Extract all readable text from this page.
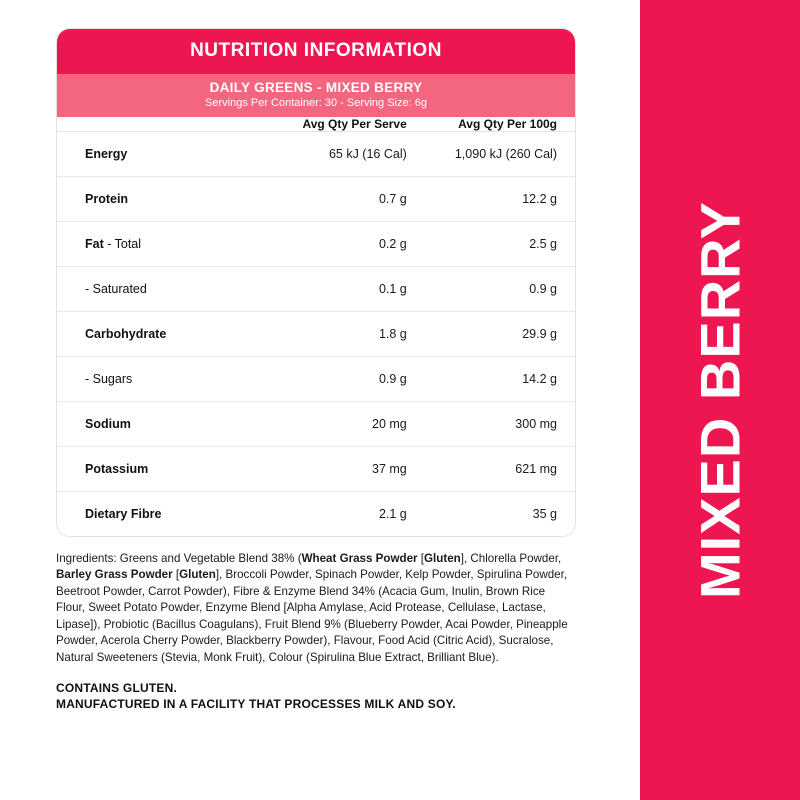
MIXED BERRY
NUTRITION INFORMATION
DAILY GREENS - MIXED BERRY
Servings Per Container: 30 - Serving Size: 6g
	Avg Qty Per Serve	Avg Qty Per 100g
Energy	65 kJ (16 Cal)	1,090 kJ (260 Cal)
Protein	0.7 g	12.2 g
Fat - Total	0.2 g	2.5 g
- Saturated	0.1 g	0.9 g
Carbohydrate	1.8 g	29.9 g
- Sugars	0.9 g	14.2 g
Sodium	20 mg	300 mg
Potassium	37 mg	621 mg
Dietary Fibre	2.1 g	35 g
Ingredients: Greens and Vegetable Blend 38% (Wheat Grass Powder [Gluten], Chlorella Powder, Barley Grass Powder [Gluten], Broccoli Powder, Spinach Powder, Kelp Powder, Spirulina Powder, Beetroot Powder, Carrot Powder), Fibre & Enzyme Blend 34% (Acacia Gum, Inulin, Brown Rice Flour, Sweet Potato Powder, Enzyme Blend [Alpha Amylase, Acid Protease, Cellulase, Lactase, Lipase]), Probiotic (Bacillus Coagulans), Fruit Blend 9% (Blueberry Powder, Acai Powder, Pineapple Powder, Acerola Cherry Powder, Blackberry Powder), Flavour, Food Acid (Citric Acid), Sucralose, Natural Sweeteners (Stevia, Monk Fruit), Colour (Spirulina Blue Extract, Brilliant Blue).
CONTAINS GLUTEN.
MANUFACTURED IN A FACILITY THAT PROCESSES MILK AND SOY.
